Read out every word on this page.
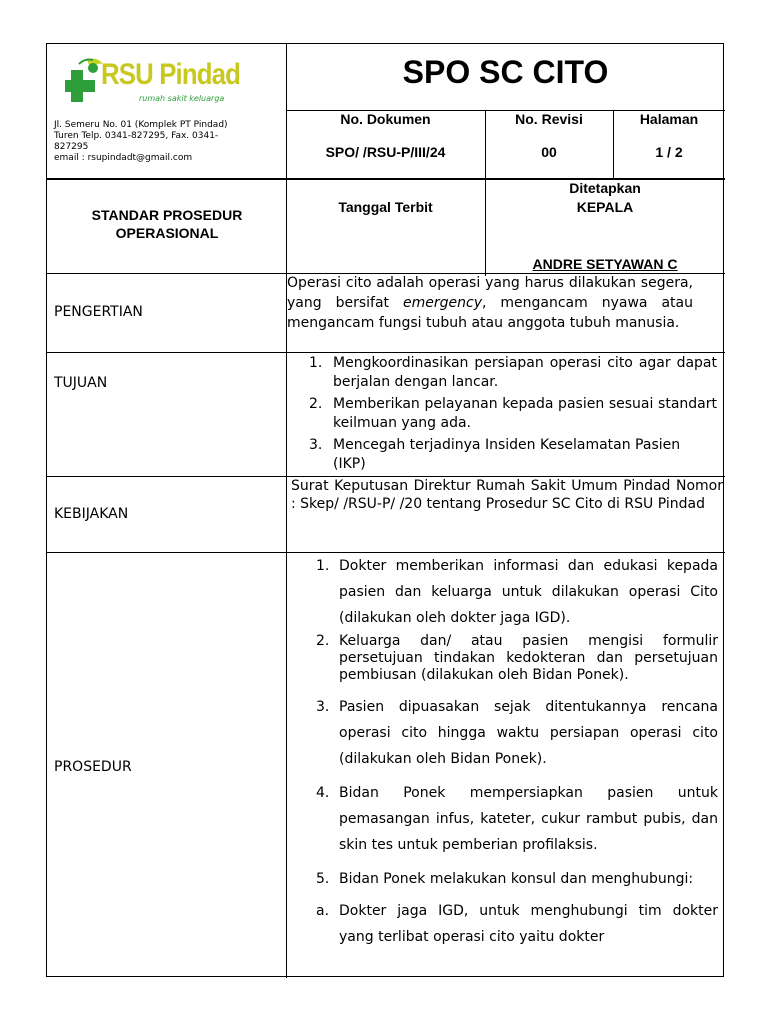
RSU Pindad
rumah sakit keluarga
Jl. Semeru No. 01 (Komplek PT Pindad)
Turen Telp. 0341-827295, Fax. 0341-
827295
email : rsupindadt@gmail.com
SPO SC CITO
No. Dokumen
SPO/ /RSU-P/III/24
No. Revisi
00
Halaman
1 / 2
STANDAR PROSEDUR OPERASIONAL
Tanggal Terbit
Ditetapkan
KEPALA
ANDRE SETYAWAN C
PENGERTIAN
Operasi cito adalah operasi yang harus dilakukan segera, yang bersifat emergency, mengancam nyawa atau mengancam fungsi tubuh atau anggota tubuh manusia.
TUJUAN
1. Mengkoordinasikan persiapan operasi cito agar dapat berjalan dengan lancar.
2. Memberikan pelayanan kepada pasien sesuai standart keilmuan yang ada.
3. Mencegah terjadinya Insiden Keselamatan Pasien (IKP)
KEBIJAKAN
Surat Keputusan Direktur Rumah Sakit Umum Pindad Nomor
: Skep/ /RSU-P/ /20 tentang Prosedur SC Cito di RSU Pindad
PROSEDUR
1. Dokter memberikan informasi dan edukasi kepada pasien dan keluarga untuk dilakukan operasi Cito (dilakukan oleh dokter jaga IGD).
2. Keluarga dan/ atau pasien mengisi formulir persetujuan tindakan kedokteran dan persetujuan pembiusan (dilakukan oleh Bidan Ponek).
3. Pasien dipuasakan sejak ditentukannya rencana operasi cito hingga waktu persiapan operasi cito (dilakukan oleh Bidan Ponek).
4. Bidan Ponek mempersiapkan pasien untuk pemasangan infus, kateter, cukur rambut pubis, dan skin tes untuk pemberian profilaksis.
5. Bidan Ponek melakukan konsul dan menghubungi:
a. Dokter jaga IGD, untuk menghubungi tim dokter yang terlibat operasi cito yaitu dokter
